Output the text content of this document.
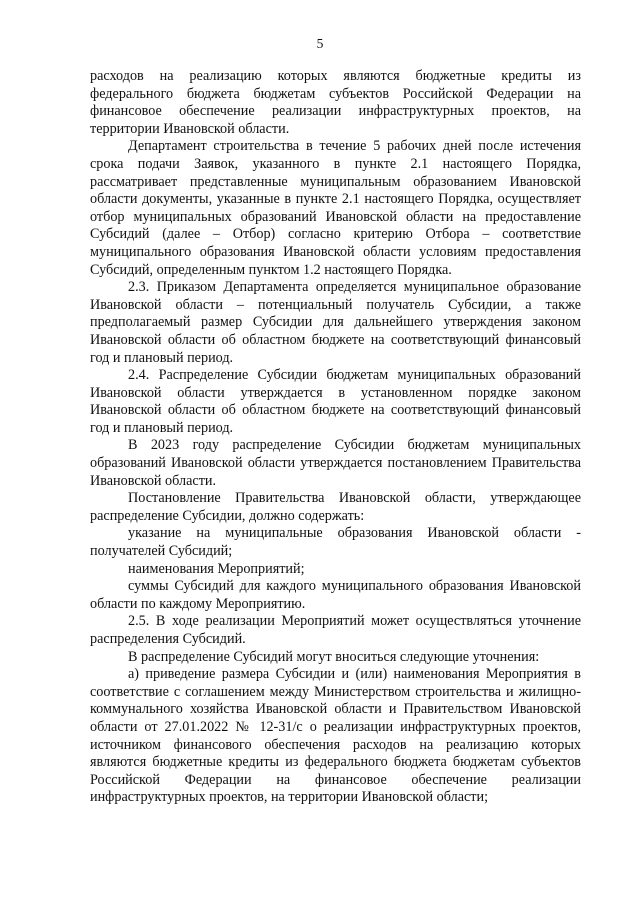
5

расходов на реализацию которых являются бюджетные кредиты из федерального бюджета бюджетам субъектов Российской Федерации на финансовое обеспечение реализации инфраструктурных проектов, на территории Ивановской области.

Департамент строительства в течение 5 рабочих дней после истечения срока подачи Заявок, указанного в пункте 2.1 настоящего Порядка, рассматривает представленные муниципальным образованием Ивановской области документы, указанные в пункте 2.1 настоящего Порядка, осуществляет отбор муниципальных образований Ивановской области на предоставление Субсидий (далее – Отбор) согласно критерию Отбора – соответствие муниципального образования Ивановской области условиям предоставления Субсидий, определенным пунктом 1.2 настоящего Порядка.

2.3. Приказом Департамента определяется муниципальное образование Ивановской области – потенциальный получатель Субсидии, а также предполагаемый размер Субсидии для дальнейшего утверждения законом Ивановской области об областном бюджете на соответствующий финансовый год и плановый период.

2.4. Распределение Субсидии бюджетам муниципальных образований Ивановской области утверждается в установленном порядке законом Ивановской области об областном бюджете на соответствующий финансовый год и плановый период.

В 2023 году распределение Субсидии бюджетам муниципальных образований Ивановской области утверждается постановлением Правительства Ивановской области.

Постановление Правительства Ивановской области, утверждающее распределение Субсидии, должно содержать:

указание на муниципальные образования Ивановской области - получателей Субсидий;

наименования Мероприятий;

суммы Субсидий для каждого муниципального образования Ивановской области по каждому Мероприятию.

2.5. В ходе реализации Мероприятий может осуществляться уточнение распределения Субсидий.

В распределение Субсидий могут вноситься следующие уточнения:

а) приведение размера Субсидии и (или) наименования Мероприятия в соответствие с соглашением между Министерством строительства и жилищно-коммунального хозяйства Ивановской области и Правительством Ивановской области от 27.01.2022 № 12-31/с о реализации инфраструктурных проектов, источником финансового обеспечения расходов на реализацию которых являются бюджетные кредиты из федерального бюджета бюджетам субъектов Российской Федерации на финансовое обеспечение реализации инфраструктурных проектов, на территории Ивановской области;
